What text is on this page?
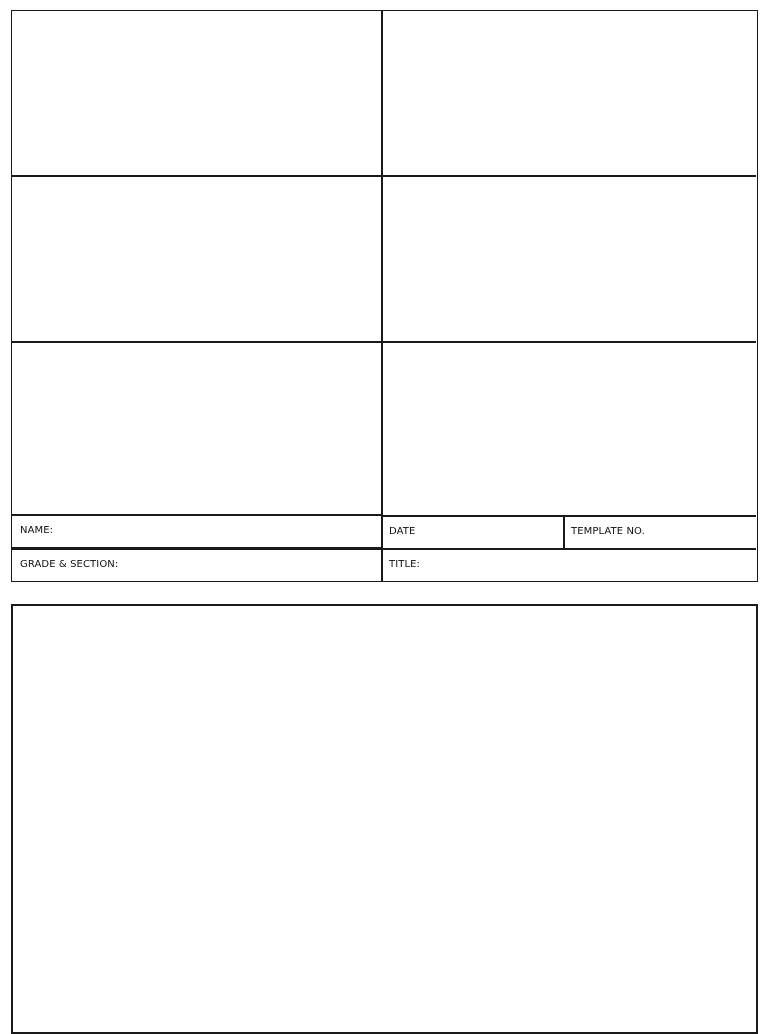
NAME:	DATE	TEMPLATE NO.
GRADE & SECTION:	TITLE:
